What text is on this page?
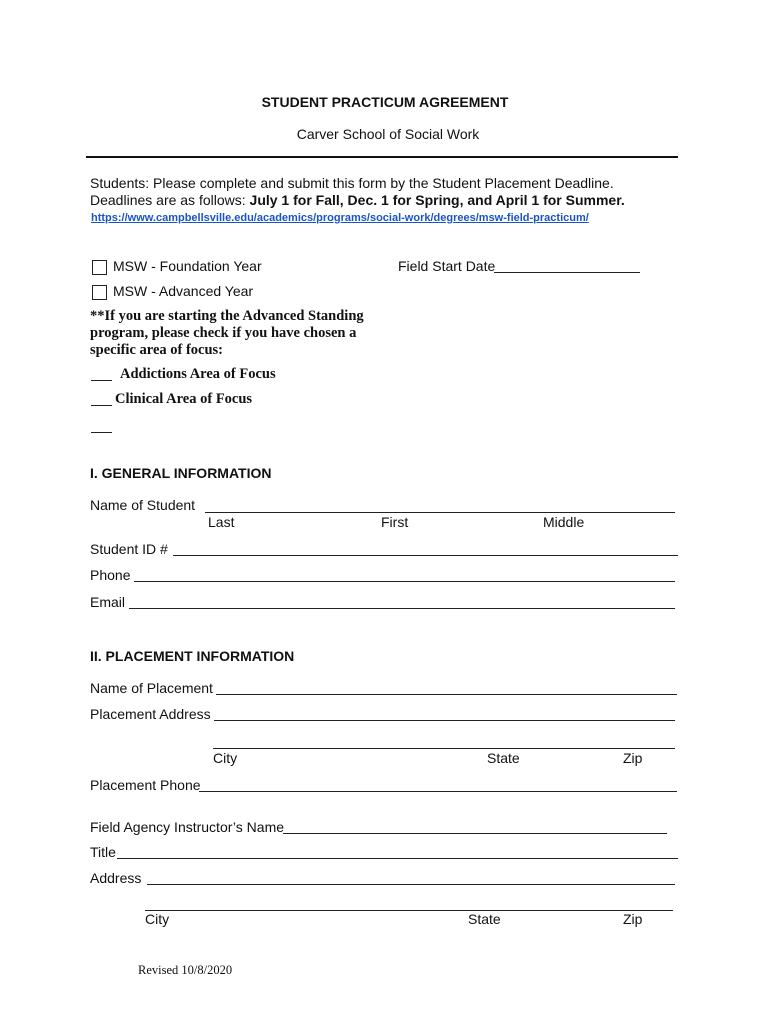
STUDENT PRACTICUM AGREEMENT
Carver School of Social Work
Students: Please complete and submit this form by the Student Placement Deadline.
Deadlines are as follows: July 1 for Fall, Dec. 1 for Spring, and April 1 for Summer.
https://www.campbellsville.edu/academics/programs/social-work/degrees/msw-field-practicum/
MSW - Foundation Year	Field Start Date
MSW - Advanced Year
**If you are starting the Advanced Standing
program, please check if you have chosen a
specific area of focus:
Addictions Area of Focus
Clinical Area of Focus
I. GENERAL INFORMATION
Name of Student
Last	First	Middle
Student ID #
Phone
Email
II. PLACEMENT INFORMATION
Name of Placement
Placement Address
City	State	Zip
Placement Phone
Field Agency Instructor’s Name
Title
Address
City	State	Zip
Revised 10/8/2020
